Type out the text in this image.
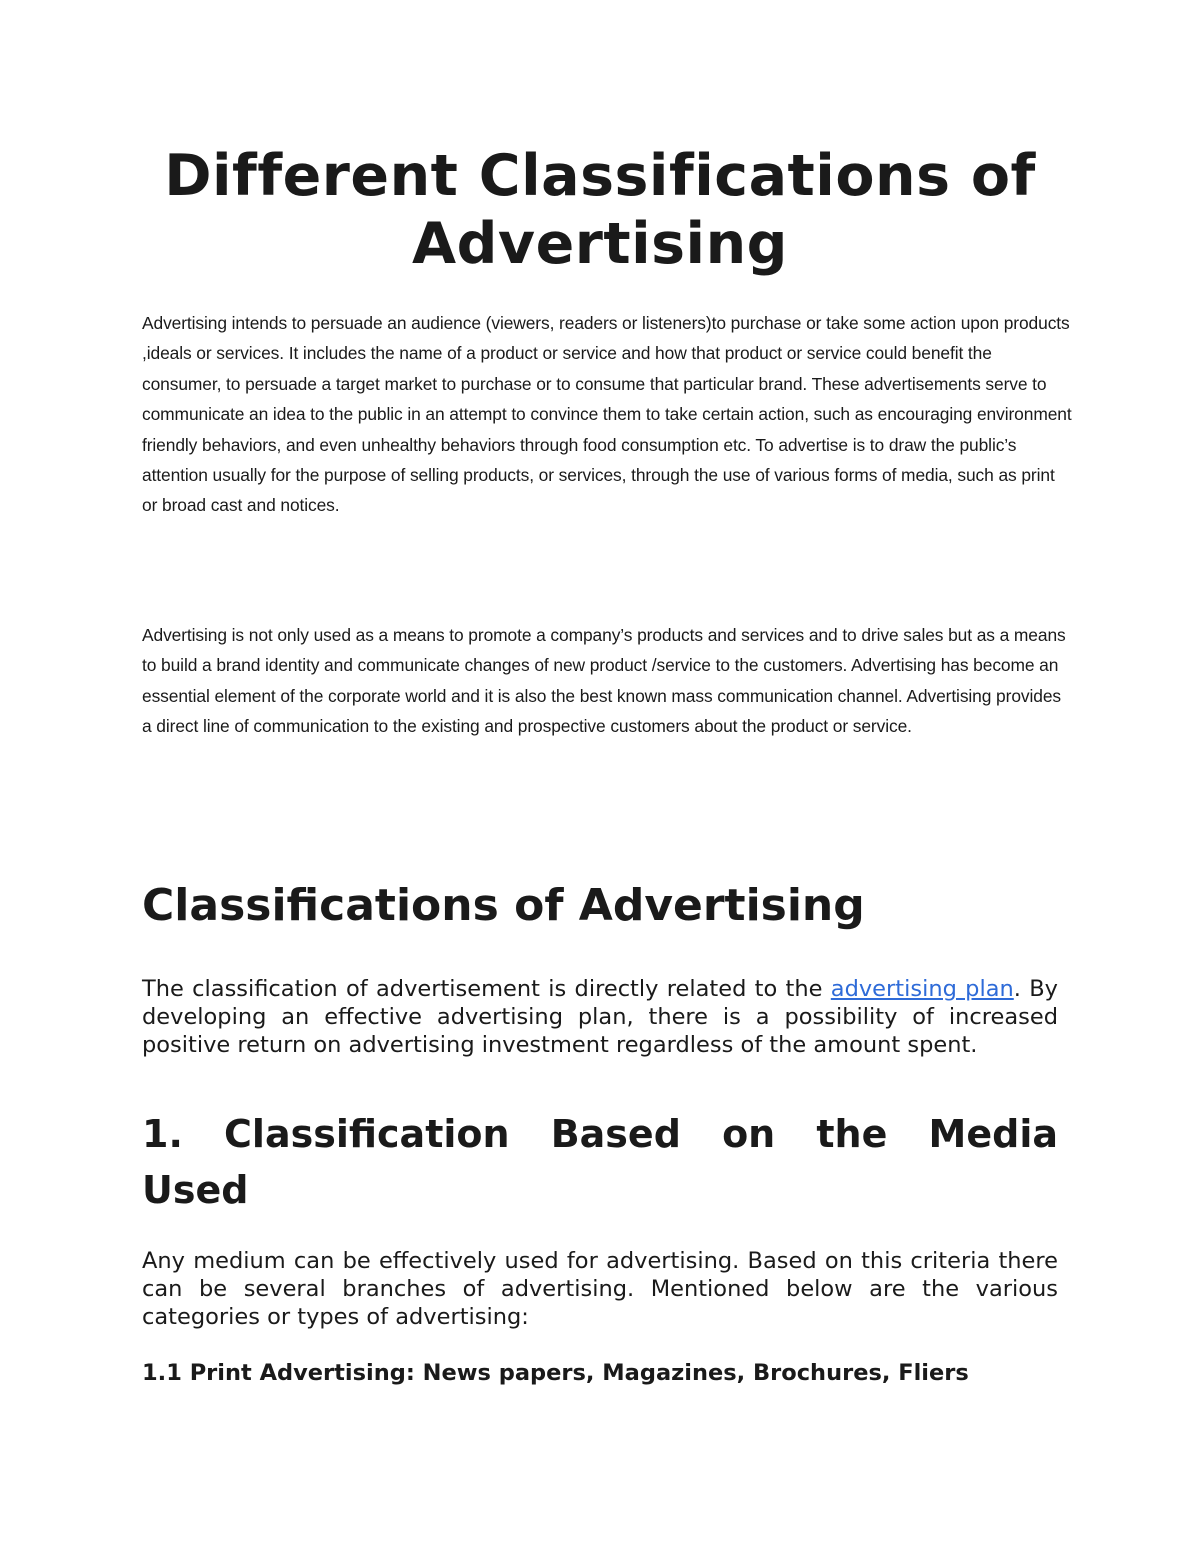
Different Classifications of Advertising

Advertising intends to persuade an audience (viewers, readers or listeners)to purchase or take some action upon products ,ideals or services. It includes the name of a product or service and how that product or service could benefit the consumer, to persuade a target market to purchase or to consume that particular brand. These advertisements serve to communicate an idea to the public in an attempt to convince them to take certain action, such as encouraging environment friendly behaviors, and even unhealthy behaviors through food consumption etc. To advertise is to draw the public’s attention usually for the purpose of selling products, or services, through the use of various forms of media, such as print or broad cast and notices.

Advertising is not only used as a means to promote a company’s products and services and to drive sales but as a means to build a brand identity and communicate changes of new product /service to the customers. Advertising has become an essential element of the corporate world and it is also the best known mass communication channel. Advertising provides a direct line of communication to the existing and prospective customers about the product or service.

Classifications of Advertising

The classification of advertisement is directly related to the advertising plan. By developing an effective advertising plan, there is a possibility of increased positive return on advertising investment regardless of the amount spent.

1. Classification Based on the Media Used

Any medium can be effectively used for advertising. Based on this criteria there can be several branches of advertising. Mentioned below are the various categories or types of advertising:

1.1 Print Advertising: News papers, Magazines, Brochures, Fliers
